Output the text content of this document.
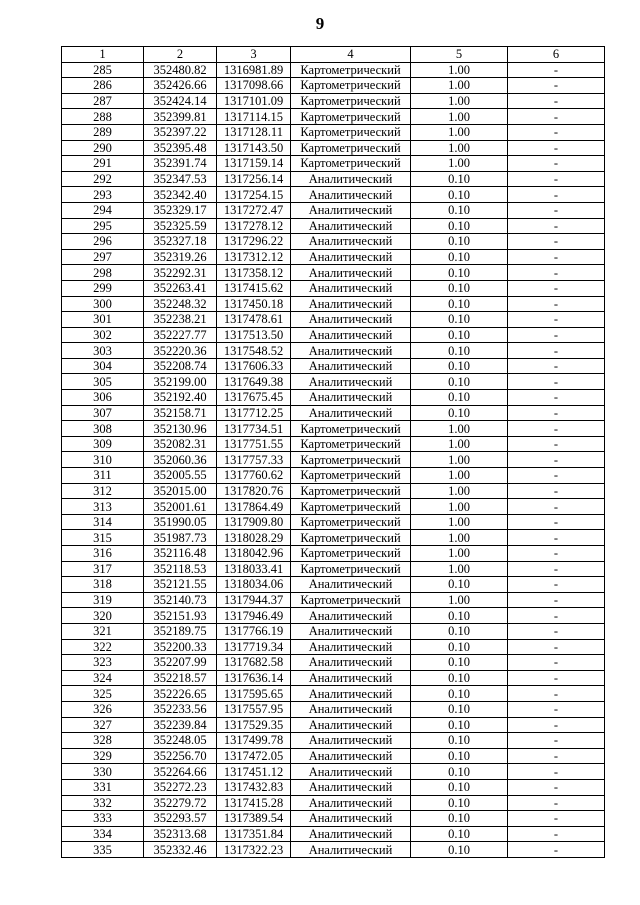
9
1	2	3	4	5	6
285	352480.82	1316981.89	Картометрический	1.00	-
286	352426.66	1317098.66	Картометрический	1.00	-
287	352424.14	1317101.09	Картометрический	1.00	-
288	352399.81	1317114.15	Картометрический	1.00	-
289	352397.22	1317128.11	Картометрический	1.00	-
290	352395.48	1317143.50	Картометрический	1.00	-
291	352391.74	1317159.14	Картометрический	1.00	-
292	352347.53	1317256.14	Аналитический	0.10	-
293	352342.40	1317254.15	Аналитический	0.10	-
294	352329.17	1317272.47	Аналитический	0.10	-
295	352325.59	1317278.12	Аналитический	0.10	-
296	352327.18	1317296.22	Аналитический	0.10	-
297	352319.26	1317312.12	Аналитический	0.10	-
298	352292.31	1317358.12	Аналитический	0.10	-
299	352263.41	1317415.62	Аналитический	0.10	-
300	352248.32	1317450.18	Аналитический	0.10	-
301	352238.21	1317478.61	Аналитический	0.10	-
302	352227.77	1317513.50	Аналитический	0.10	-
303	352220.36	1317548.52	Аналитический	0.10	-
304	352208.74	1317606.33	Аналитический	0.10	-
305	352199.00	1317649.38	Аналитический	0.10	-
306	352192.40	1317675.45	Аналитический	0.10	-
307	352158.71	1317712.25	Аналитический	0.10	-
308	352130.96	1317734.51	Картометрический	1.00	-
309	352082.31	1317751.55	Картометрический	1.00	-
310	352060.36	1317757.33	Картометрический	1.00	-
311	352005.55	1317760.62	Картометрический	1.00	-
312	352015.00	1317820.76	Картометрический	1.00	-
313	352001.61	1317864.49	Картометрический	1.00	-
314	351990.05	1317909.80	Картометрический	1.00	-
315	351987.73	1318028.29	Картометрический	1.00	-
316	352116.48	1318042.96	Картометрический	1.00	-
317	352118.53	1318033.41	Картометрический	1.00	-
318	352121.55	1318034.06	Аналитический	0.10	-
319	352140.73	1317944.37	Картометрический	1.00	-
320	352151.93	1317946.49	Аналитический	0.10	-
321	352189.75	1317766.19	Аналитический	0.10	-
322	352200.33	1317719.34	Аналитический	0.10	-
323	352207.99	1317682.58	Аналитический	0.10	-
324	352218.57	1317636.14	Аналитический	0.10	-
325	352226.65	1317595.65	Аналитический	0.10	-
326	352233.56	1317557.95	Аналитический	0.10	-
327	352239.84	1317529.35	Аналитический	0.10	-
328	352248.05	1317499.78	Аналитический	0.10	-
329	352256.70	1317472.05	Аналитический	0.10	-
330	352264.66	1317451.12	Аналитический	0.10	-
331	352272.23	1317432.83	Аналитический	0.10	-
332	352279.72	1317415.28	Аналитический	0.10	-
333	352293.57	1317389.54	Аналитический	0.10	-
334	352313.68	1317351.84	Аналитический	0.10	-
335	352332.46	1317322.23	Аналитический	0.10	-
